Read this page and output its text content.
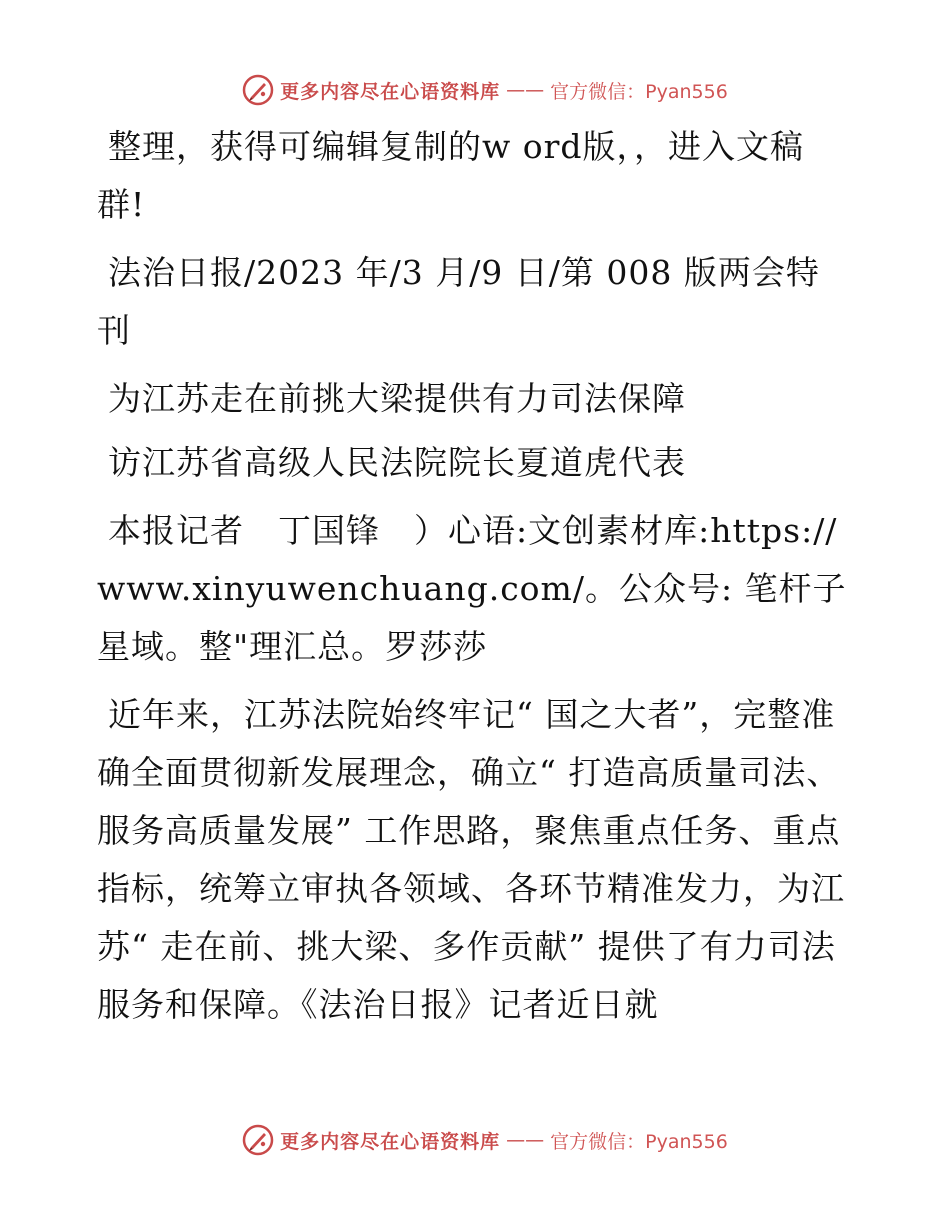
更多内容尽在心语资料库 —— 官方微信：Pyan556

整理，获得可编辑复制的w ord版，，进入文稿群!

法治日报/2023 年/3 月/9 日/第 008 版两会特刊

为江苏走在前挑大梁提供有力司法保障

访江苏省高级人民法院院长夏道虎代表

本报记者　丁国锋　）心语:文创素材库:https://www.xinyuwenchuang.com/。公众号: 笔杆子星域。整"理汇总。罗莎莎

近年来，江苏法院始终牢记“ 国之大者”，完整准确全面贯彻新发展理念，确立“ 打造高质量司法、服务高质量发展” 工作思路，聚焦重点任务、重点指标，统筹立审执各领域、各环节精准发力，为江苏“ 走在前、挑大梁、多作贡献” 提供了有力司法服务和保障。《法治日报》记者近日就

更多内容尽在心语资料库 —— 官方微信：Pyan556
